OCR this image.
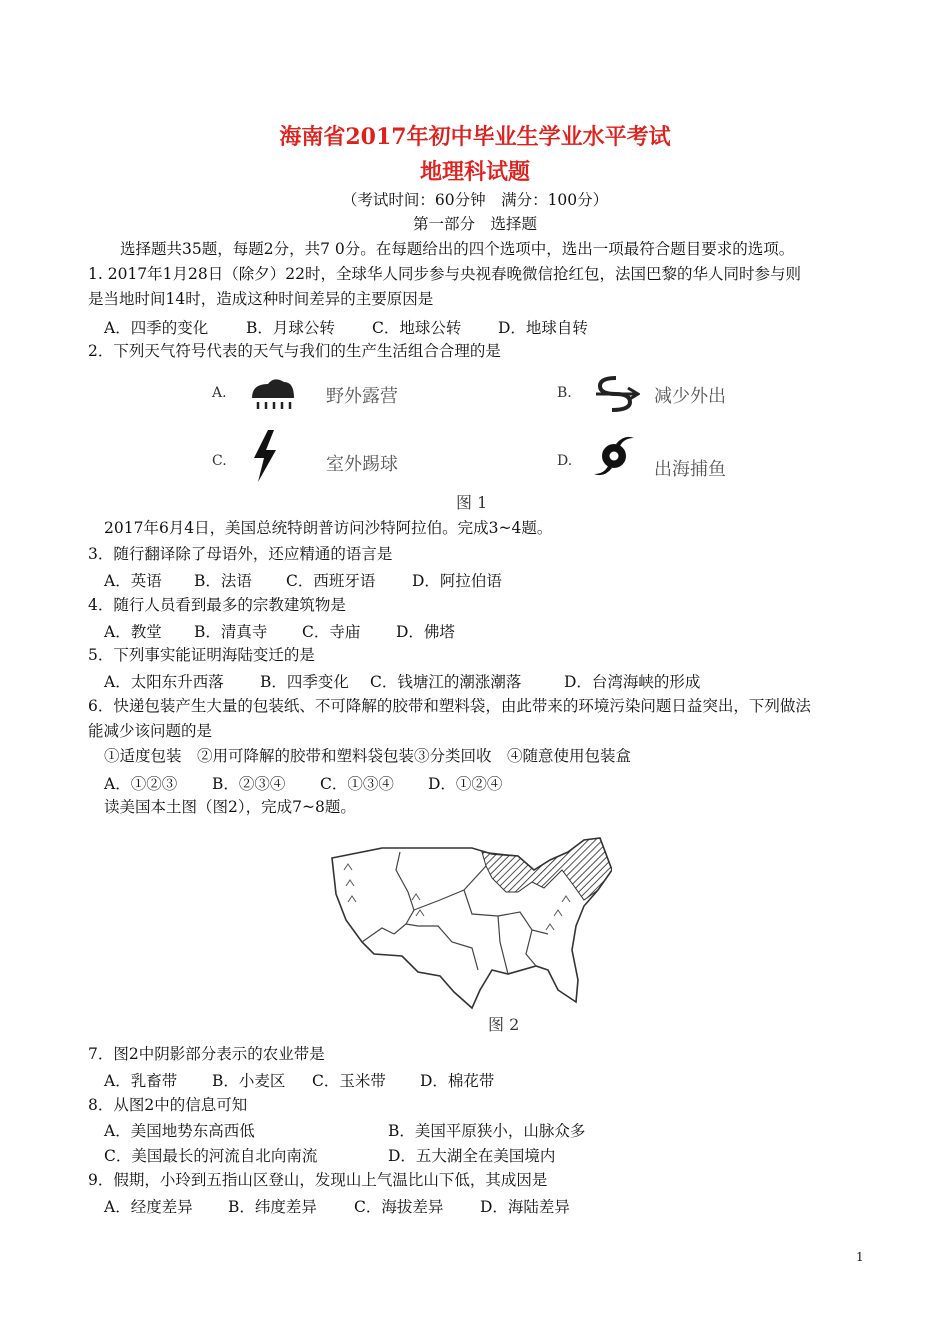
海南省2017年初中毕业生学业水平考试
地理科试题
（考试时间：60分钟　满分：100分）
第一部分　选择题
选择题共35题，每题2分，共7 0分。在每题给出的四个选项中，选出一项最符合题目要求的选项。
1. 2017年1月28日（除夕）22时，全球华人同步参与央视春晚微信抢红包，法国巴黎的华人同时参与则
是当地时间14时，造成这种时间差异的主要原因是
A．四季的变化 B．月球公转 C．地球公转 D．地球自转
2．下列天气符号代表的天气与我们的生产生活组合合理的是
A.	野外露营	B.	减少外出
C.	室外踢球	D.	出海捕鱼
图 1
2017年6月4日，美国总统特朗普访问沙特阿拉伯。完成3~4题。
3．随行翻译除了母语外，还应精通的语言是
A．英语 B．法语 C．西班牙语 D．阿拉伯语
4．随行人员看到最多的宗教建筑物是
A．教堂 B．清真寺 C．寺庙 D．佛塔
5．下列事实能证明海陆变迁的是
A．太阳东升西落 B．四季变化 C．钱塘江的潮涨潮落	D．台湾海峡的形成
6．快递包装产生大量的包装纸、不可降解的胶带和塑料袋，由此带来的环境污染问题日益突出，下列做法
能减少该问题的是
①适度包装　②用可降解的胶带和塑料袋包装③分类回收　④随意使用包装盒
A．①②③ B．②③④ C．①③④ D．①②④
读美国本土图（图2），完成7~8题。
图 2
7．图2中阴影部分表示的农业带是
A．乳畜带 B．小麦区 C．玉米带 D．棉花带
8．从图2中的信息可知
A．美国地势东高西低	B．美国平原狭小，山脉众多
C．美国最长的河流自北向南流	D．五大湖全在美国境内
9．假期，小玲到五指山区登山，发现山上气温比山下低，其成因是
A．经度差异 B．纬度差异 C．海拔差异 D．海陆差异
1
